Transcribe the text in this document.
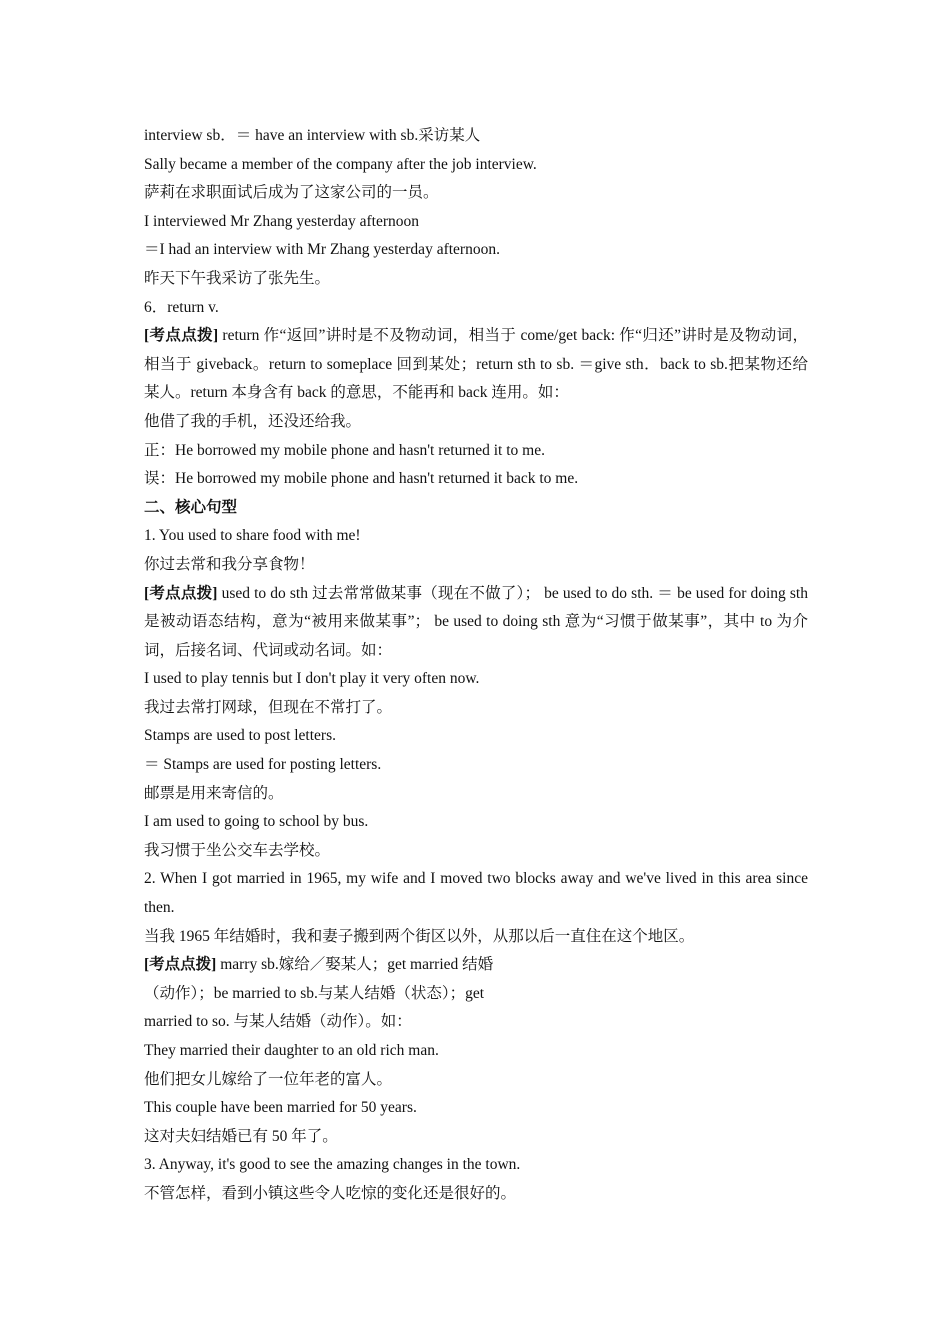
interview sb．＝ have an interview with sb.采访某人
Sally became a member of the company after the job interview.
萨莉在求职面试后成为了这家公司的一员。
I interviewed Mr Zhang yesterday afternoon
＝I had an interview with Mr Zhang yesterday afternoon.
昨天下午我采访了张先生。
6．return v.
[考点点拨] return 作“返回”讲时是不及物动词，相当于 come/get back: 作“归还”讲时是及物动词，相当于 giveback。return to someplace 回到某处；return sth to sb. ＝give sth．back to sb.把某物还给某人。return 本身含有 back 的意思，不能再和 back 连用。如：
他借了我的手机，还没还给我。
正：He borrowed my mobile phone and hasn't returned it to me.
误：He borrowed my mobile phone and hasn't returned it back to me.
二、核心句型
1. You used to share food with me!
你过去常和我分享食物！
[考点点拨] used to do sth 过去常常做某事（现在不做了）； be used to do sth. ＝ be used for doing sth 是被动语态结构，意为“被用来做某事”； be used to doing sth 意为“习惯于做某事”，其中 to 为介词，后接名词、代词或动名词。如：
I used to play tennis but I don't play it very often now.
我过去常打网球，但现在不常打了。
Stamps are used to post letters.
＝ Stamps are used for posting letters.
邮票是用来寄信的。
I am used to going to school by bus.
我习惯于坐公交车去学校。
2. When I got married in 1965, my wife and I moved two blocks away and we've lived in this area since then.
当我 1965 年结婚时，我和妻子搬到两个街区以外，从那以后一直住在这个地区。
[考点点拨] marry sb.嫁给／娶某人；get married 结婚
（动作）；be married to sb.与某人结婚（状态）；get
married to so. 与某人结婚（动作）。如：
They married their daughter to an old rich man.
他们把女儿嫁给了一位年老的富人。
This couple have been married for 50 years.
这对夫妇结婚已有 50 年了。
3. Anyway, it's good to see the amazing changes in the town.
不管怎样，看到小镇这些令人吃惊的变化还是很好的。
